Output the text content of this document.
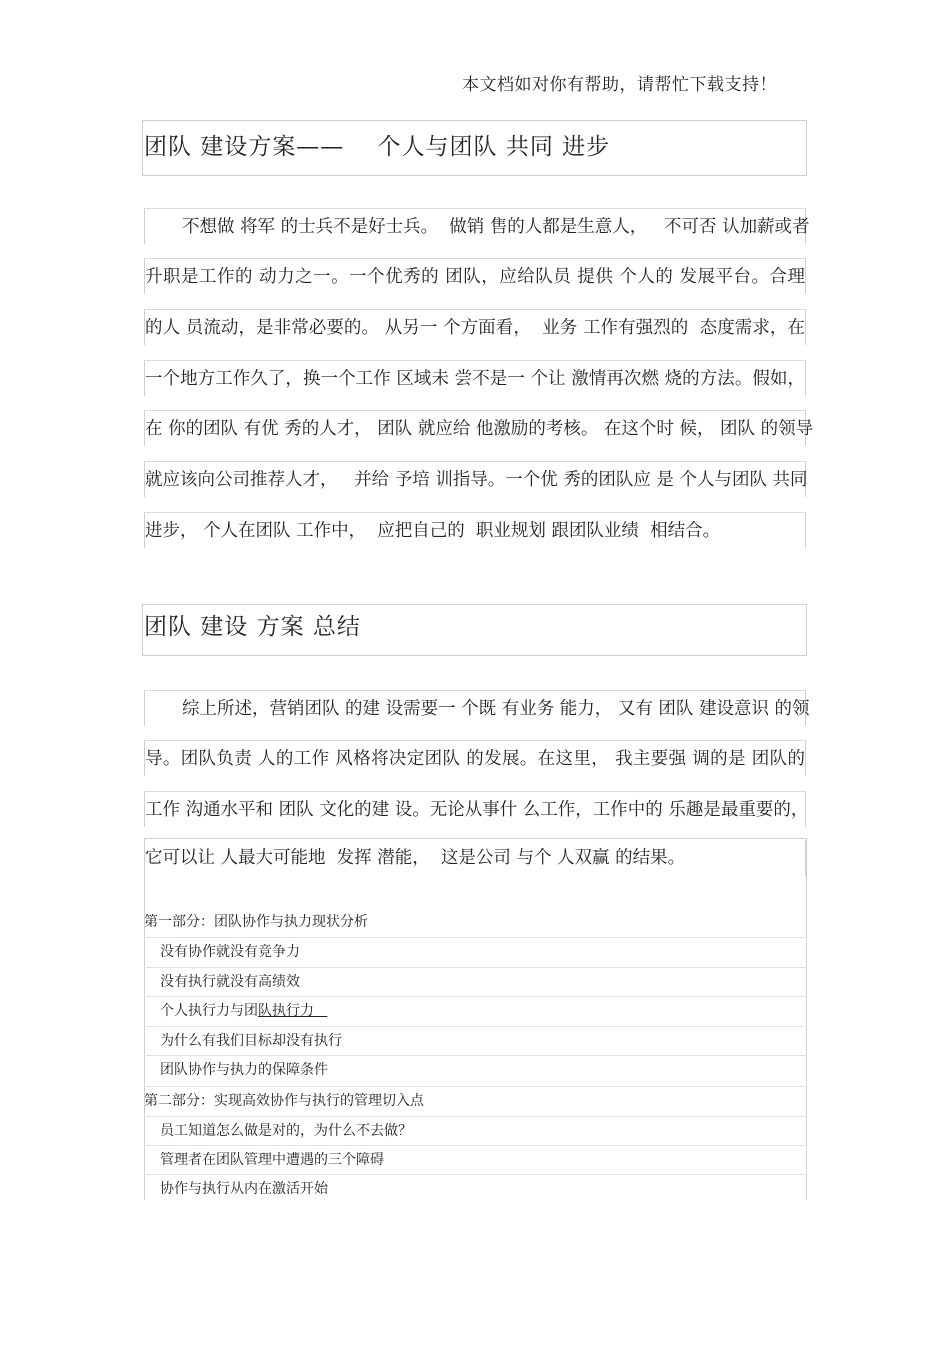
本文档如对你有帮助，请帮忙下载支持！
团队 建设方案——    个人与团队 共同 进步
不想做 将军 的士兵不是好士兵。  做销 售的人都是生意人，   不可否 认加薪或者
升职是工作的 动力之一。一个优秀的 团队，应给队员 提供 个人的 发展平台。合理
的人 员流动，是非常必要的。 从另一 个方面看，  业务 工作有强烈的  态度需求，在
一个地方工作久了，换一个工作 区域未 尝不是一 个让 激情再次燃 烧的方法。假如，
在 你的团队 有优 秀的人才， 团队 就应给 他激励的考核。 在这个时 候， 团队 的领导
就应该向公司推荐人才，   并给 予培 训指导。一个优 秀的团队应 是 个人与团队 共同
进步， 个人在团队 工作中，  应把自己的  职业规划 跟团队业绩  相结合。
团队 建设 方案 总结
综上所述，营销团队 的建 设需要一 个既 有业务 能力， 又有 团队 建设意识 的领
导。团队负责 人的工作 风格将决定团队 的发展。在这里， 我主要强 调的是 团队的
工作 沟通水平和 团队 文化的建 设。无论从事什 么工作，工作中的 乐趣是最重要的，
它可以让 人最大可能地  发挥 潜能，  这是公司 与个 人双赢 的结果。
第一部分：团队协作与执力现状分析
没有协作就没有竞争力
没有执行就没有高绩效
个人执行力与团队执行力
为什么有我们目标却没有执行
团队协作与执力的保障条件
第二部分：实现高效协作与执行的管理切入点
员工知道怎么做是对的，为什么不去做？
管理者在团队管理中遭遇的三个障碍
协作与执行从内在激活开始
